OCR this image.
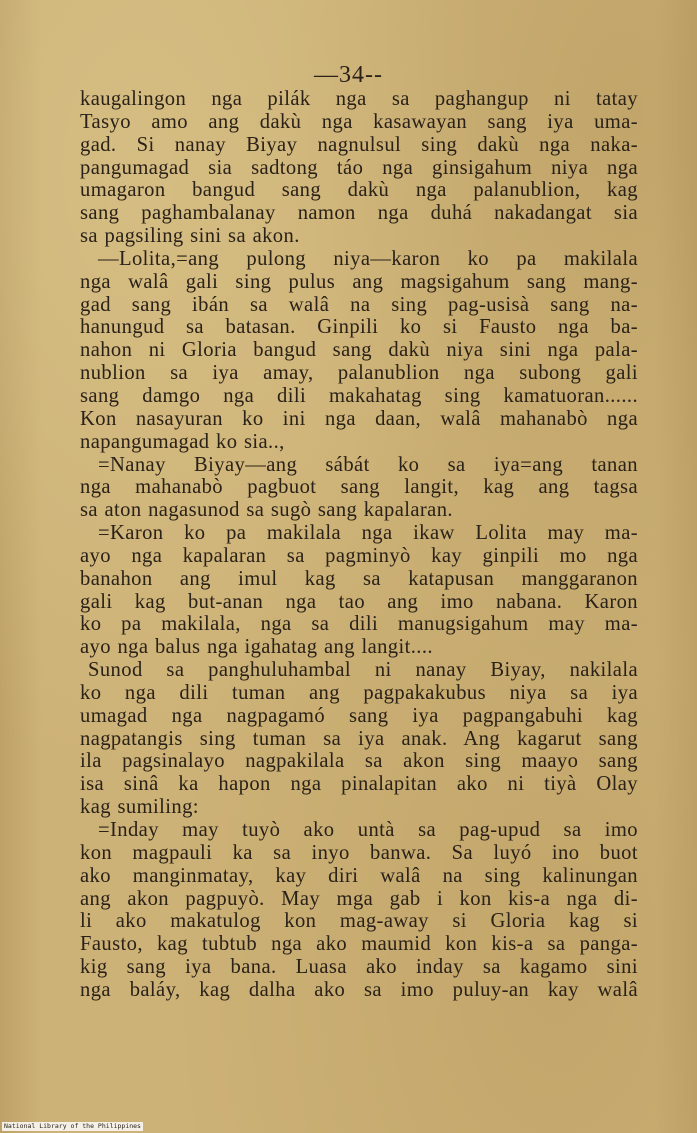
—34--
kaugalingon nga pilák nga sa paghangup ni tatay
Tasyo amo ang dakù nga kasawayan sang iya uma-
gad. Si nanay Biyay nagnulsul sing dakù nga naka-
pangumagad sia sadtong táo nga ginsigahum niya nga
umagaron bangud sang dakù nga palanublion, kag
sang paghambalanay namon nga duhá nakadangat sia
sa pagsiling sini sa akon.
—Lolita,=ang pulong niya—karon ko pa makilala
nga walâ gali sing pulus ang magsigahum sang mang-
gad sang ibán sa walâ na sing pag-usisà sang na-
hanungud sa batasan. Ginpili ko si Fausto nga ba-
nahon ni Gloria bangud sang dakù niya sini nga pala-
nublion sa iya amay, palanublion nga subong gali
sang damgo nga dili makahatag sing kamatuoran......
Kon nasayuran ko ini nga daan, walâ mahanabò nga
napangumagad ko sia..,
=Nanay Biyay—ang sábát ko sa iya=ang tanan
nga mahanabò pagbuot sang langit, kag ang tagsa
sa aton nagasunod sa sugò sang kapalaran.
=Karon ko pa makilala nga ikaw Lolita may ma-
ayo nga kapalaran sa pagminyò kay ginpili mo nga
banahon ang imul kag sa katapusan manggaranon
gali kag but-anan nga tao ang imo nabana. Karon
ko pa makilala, nga sa dili manugsigahum may ma-
ayo nga balus nga igahatag ang langit....
Sunod sa panghuluhambal ni nanay Biyay, nakilala
ko nga dili tuman ang pagpakakubus niya sa iya
umagad nga nagpagamó sang iya pagpangabuhi kag
nagpatangis sing tuman sa iya anak. Ang kagarut sang
ila pagsinalayo nagpakilala sa akon sing maayo sang
isa sinâ ka hapon nga pinalapitan ako ni tiyà Olay
kag sumiling:
=Inday may tuyò ako untà sa pag-upud sa imo
kon magpauli ka sa inyo banwa. Sa luyó ino buot
ako manginmatay, kay diri walâ na sing kalinungan
ang akon pagpuyò. May mga gab i kon kis-a nga di-
li ako makatulog kon mag-away si Gloria kag si
Fausto, kag tubtub nga ako maumid kon kis-a sa panga-
kig sang iya bana. Luasa ako inday sa kagamo sini
nga baláy, kag dalha ako sa imo puluy-an kay walâ
National Library of the Philippines
